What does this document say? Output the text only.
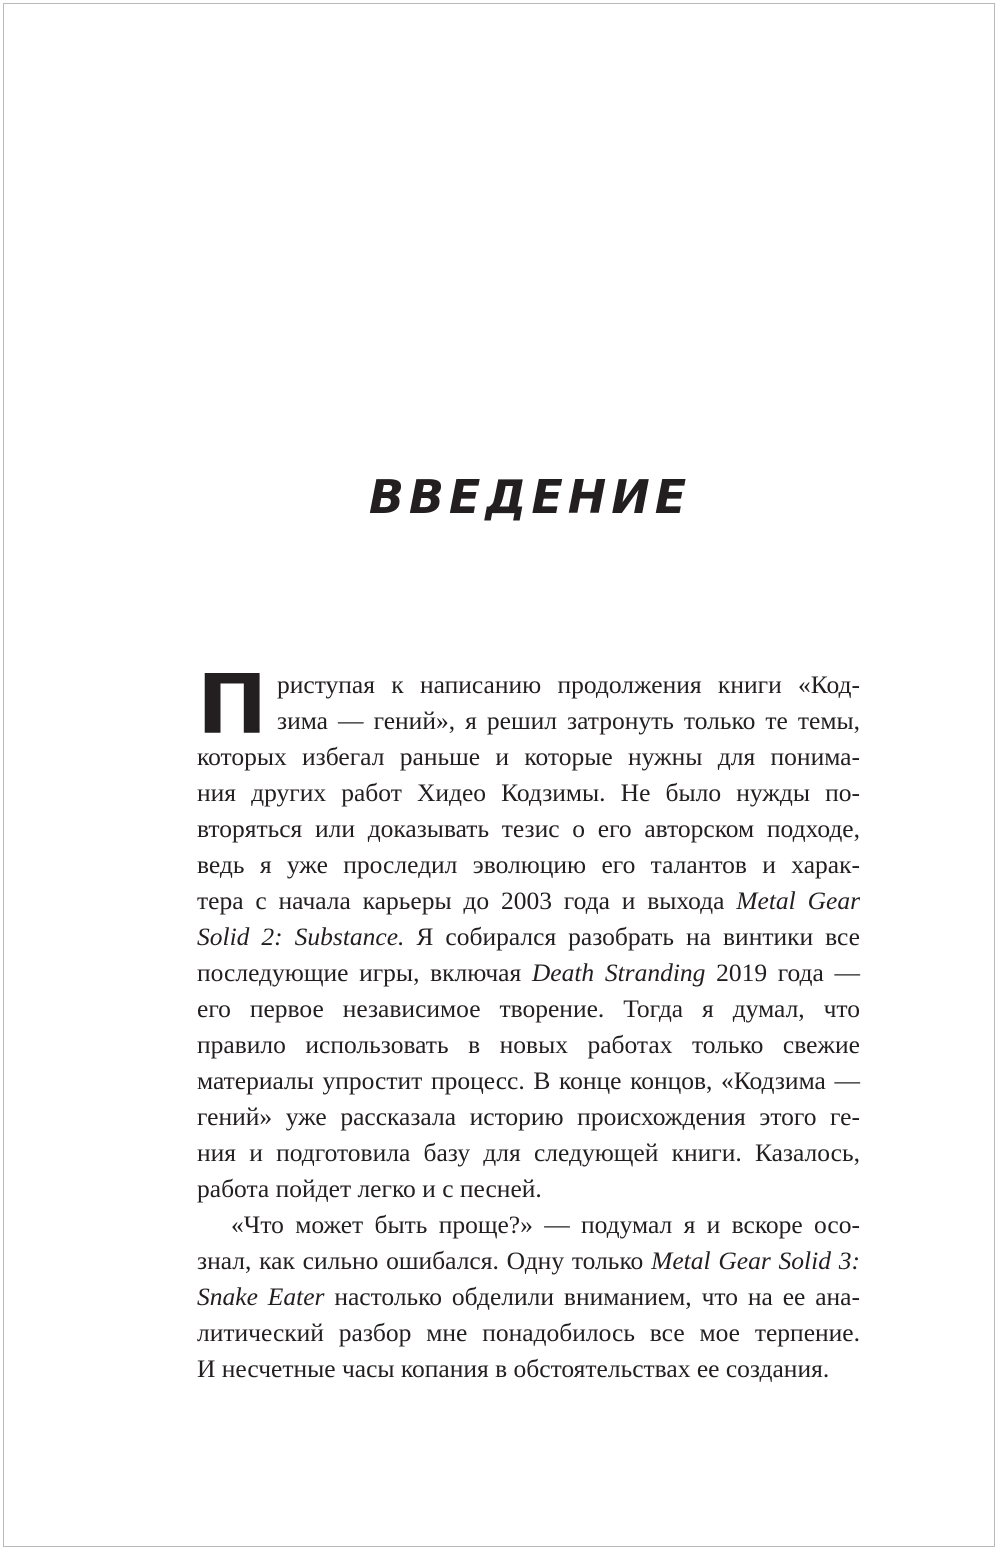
ВВЕДЕНИЕ
П риступая к написанию продолжения книги «Код-
зима — гений», я решил затронуть только те темы,
которых избегал раньше и которые нужны для понима-
ния других работ Хидео Кодзимы. Не было нужды по-
вторяться или доказывать тезис о его авторском подходе,
ведь я уже проследил эволюцию его талантов и харак-
тера с начала карьеры до 2003 года и выхода Metal Gear
Solid 2: Substance. Я собирался разобрать на винтики все
последующие игры, включая Death Stranding 2019 года —
его первое независимое творение. Тогда я думал, что
правило использовать в новых работах только свежие
материалы упростит процесс. В конце концов, «Кодзима —
гений» уже рассказала историю происхождения этого ге-
ния и подготовила базу для следующей книги. Казалось,
работа пойдет легко и с песней.
«Что может быть проще?» — подумал я и вскоре осо-
знал, как сильно ошибался. Одну только Metal Gear Solid 3:
Snake Eater настолько обделили вниманием, что на ее ана-
литический разбор мне понадобилось все мое терпение.
И несчетные часы копания в обстоятельствах ее создания.
